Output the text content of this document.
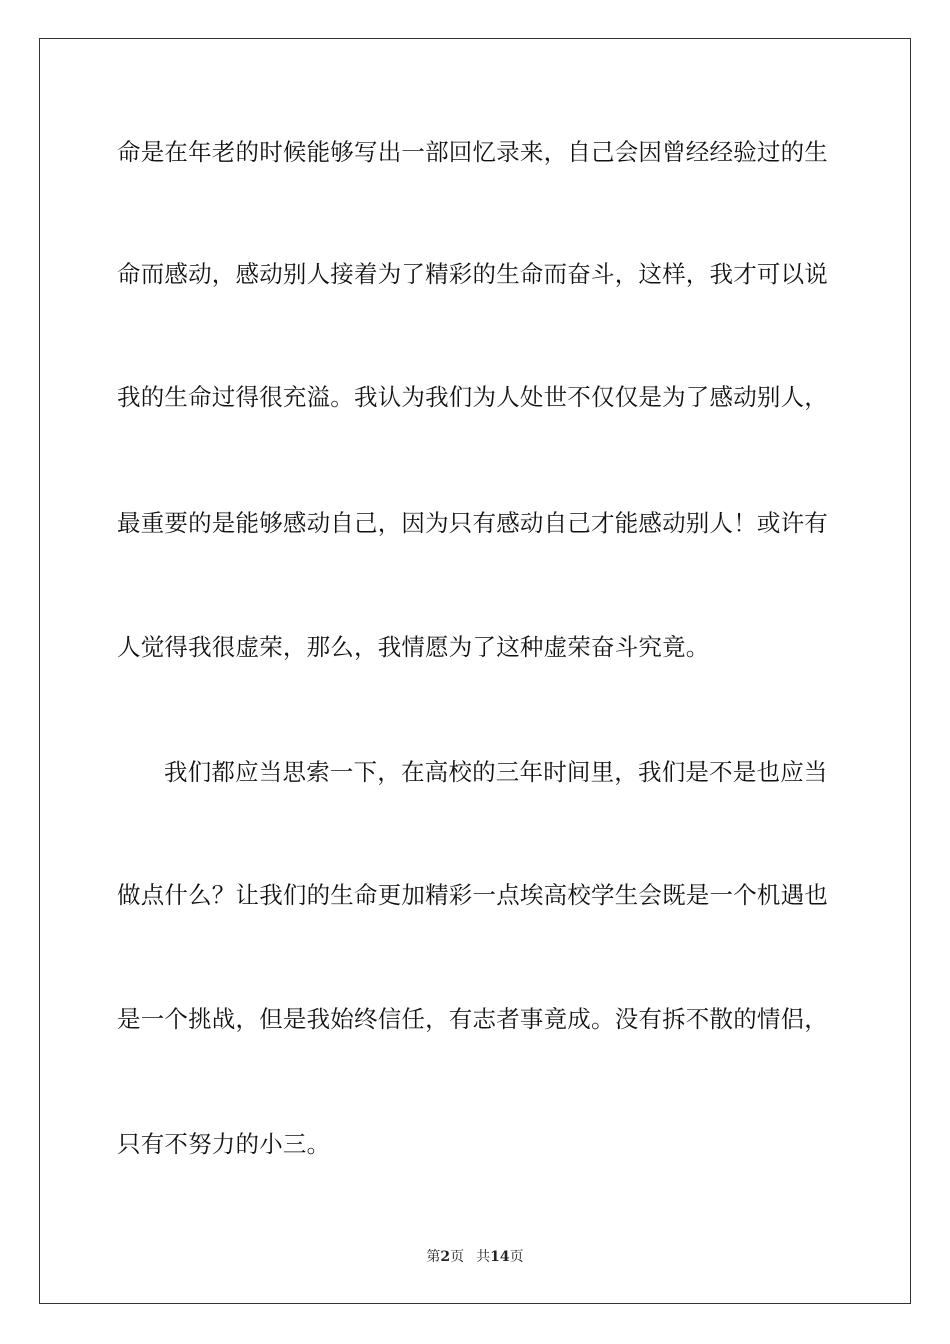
命是在年老的时候能够写出一部回忆录来，自己会因曾经经验过的生
命而感动，感动别人接着为了精彩的生命而奋斗，这样，我才可以说
我的生命过得很充溢。我认为我们为人处世不仅仅是为了感动别人，
最重要的是能够感动自己，因为只有感动自己才能感动别人！或许有
人觉得我很虚荣，那么，我情愿为了这种虚荣奋斗究竟。
我们都应当思索一下，在高校的三年时间里，我们是不是也应当
做点什么？让我们的生命更加精彩一点埃高校学生会既是一个机遇也
是一个挑战，但是我始终信任，有志者事竟成。没有拆不散的情侣，
只有不努力的小三。
第2页 共14页
